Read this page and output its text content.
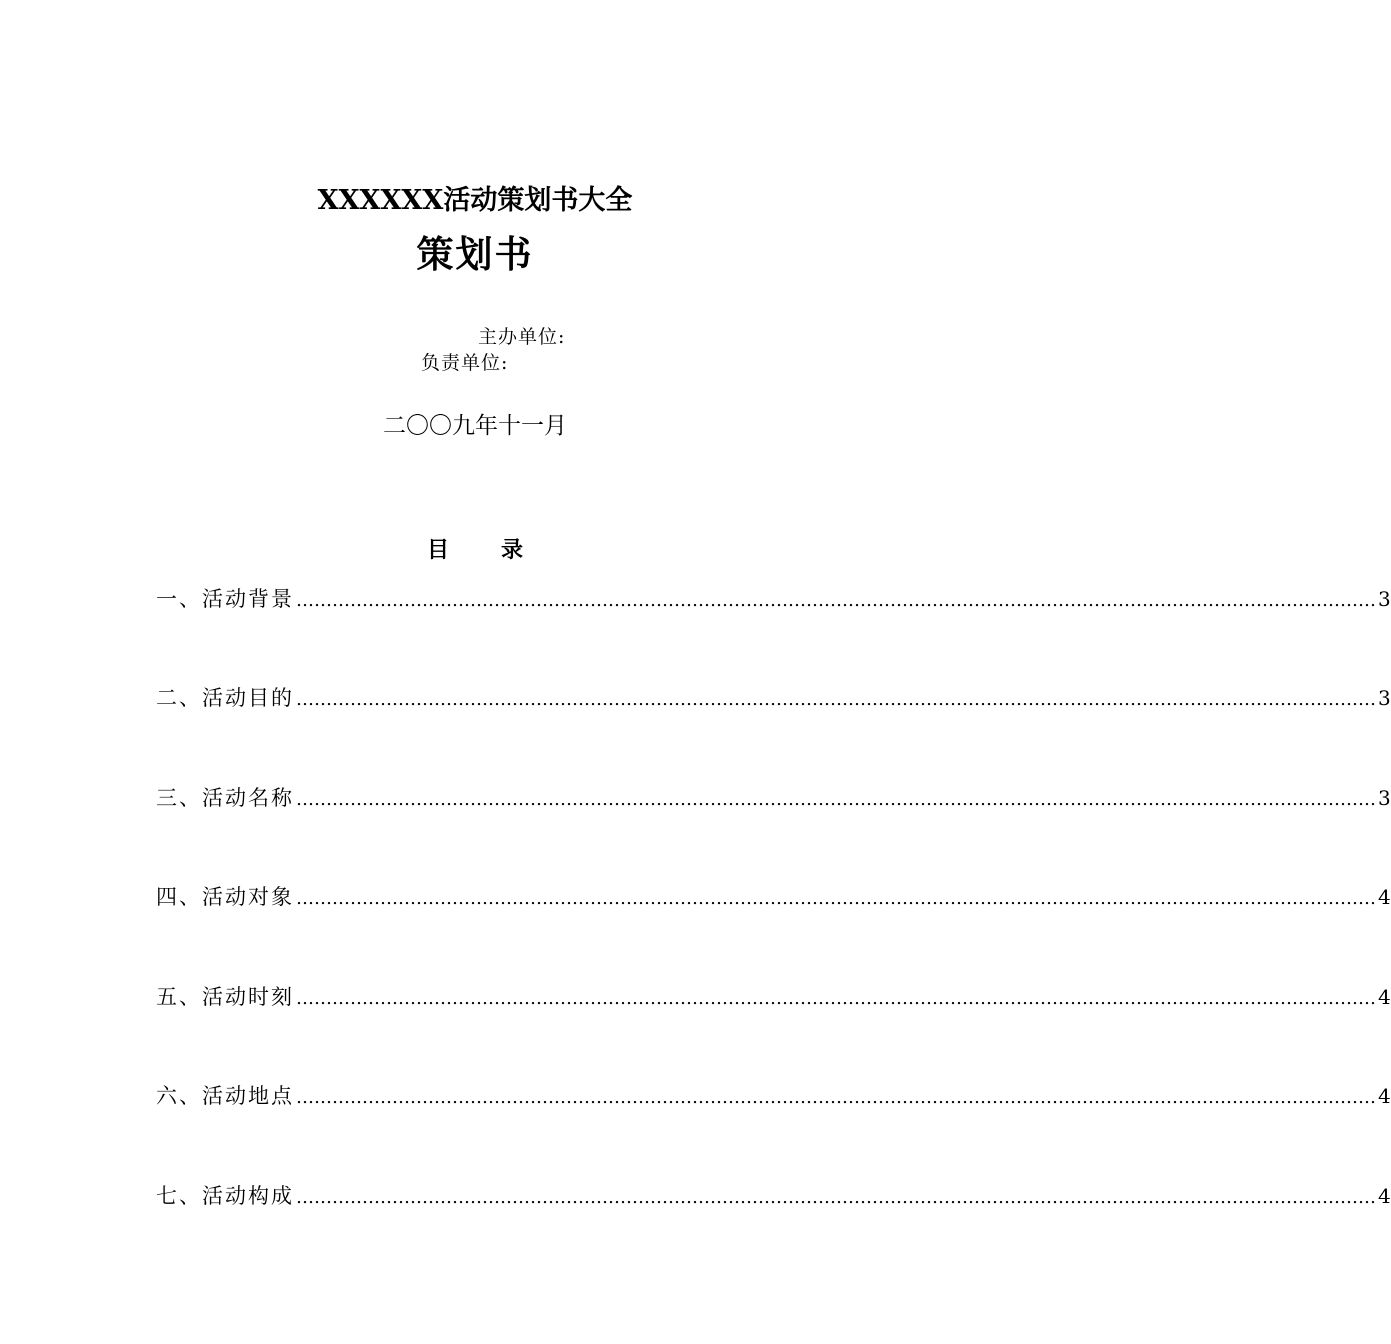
XXXXXX活动策划书大全
策划书
主办单位:
负责单位:
二〇〇九年十一月
目 录
一、 活动背景 ……………………………………………………………………………………………………………………………………………………………… 3
二、 活动目的 ……………………………………………………………………………………………………………………………………………………………… 3
三、 活动名称 ……………………………………………………………………………………………………………………………………………………………… 3
四、 活动对象 ……………………………………………………………………………………………………………………………………………………………… 4
五、 活动时刻 ……………………………………………………………………………………………………………………………………………………………… 4
六、 活动地点 ……………………………………………………………………………………………………………………………………………………………… 4
七、 活动构成 ……………………………………………………………………………………………………………………………………………………………… 4
